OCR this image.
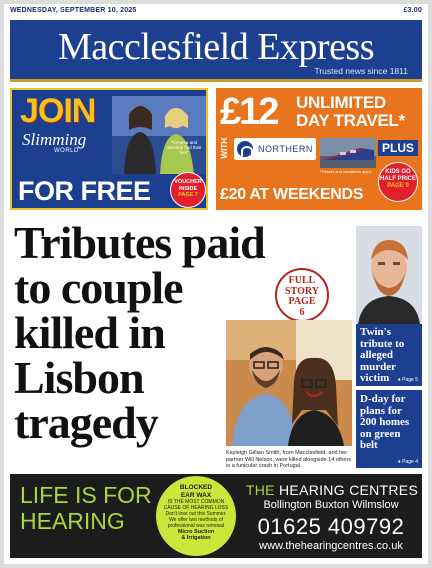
WEDNESDAY, SEPTEMBER 10, 2025	£3.00
Macclesfield Express
Trusted news since 1811
JOIN
Slimming
WORLD
"Gemma and Jasmine find their feet"
FOR FREE	VOUCHER
INSIDE
PAGE 7
£12 UNLIMITED
DAY TRAVEL*
WITH	NORTHERN
*Tickets and conditions apply
PLUS
KIDS GO
HALF PRICE
PAGE 9
£20 AT WEEKENDS
Tributes paid
to couple
killed in
Lisbon
tragedy
FULL
STORY
PAGE
6
Kayleigh Gillian Smith, from Macclesfield, and her partner Will Nelson, were killed alongside 14 others in a funicular crash in Portugal
Twin's tribute to alleged murder victim	● Page 5
D-day for plans for 200 homes on green belt
● Page 4
LIFE IS FOR
HEARING
BLOCKED
EAR WAX
IS THE MOST COMMON
CAUSE OF HEARING LOSS
Don't lose out this Summer.
We offer two methods of
professional wax removal
Micro Suction
& Irrigation
THE HEARING CENTRES
Bollington Buxton Wilmslow
01625 409792
www.thehearingcentres.co.uk
